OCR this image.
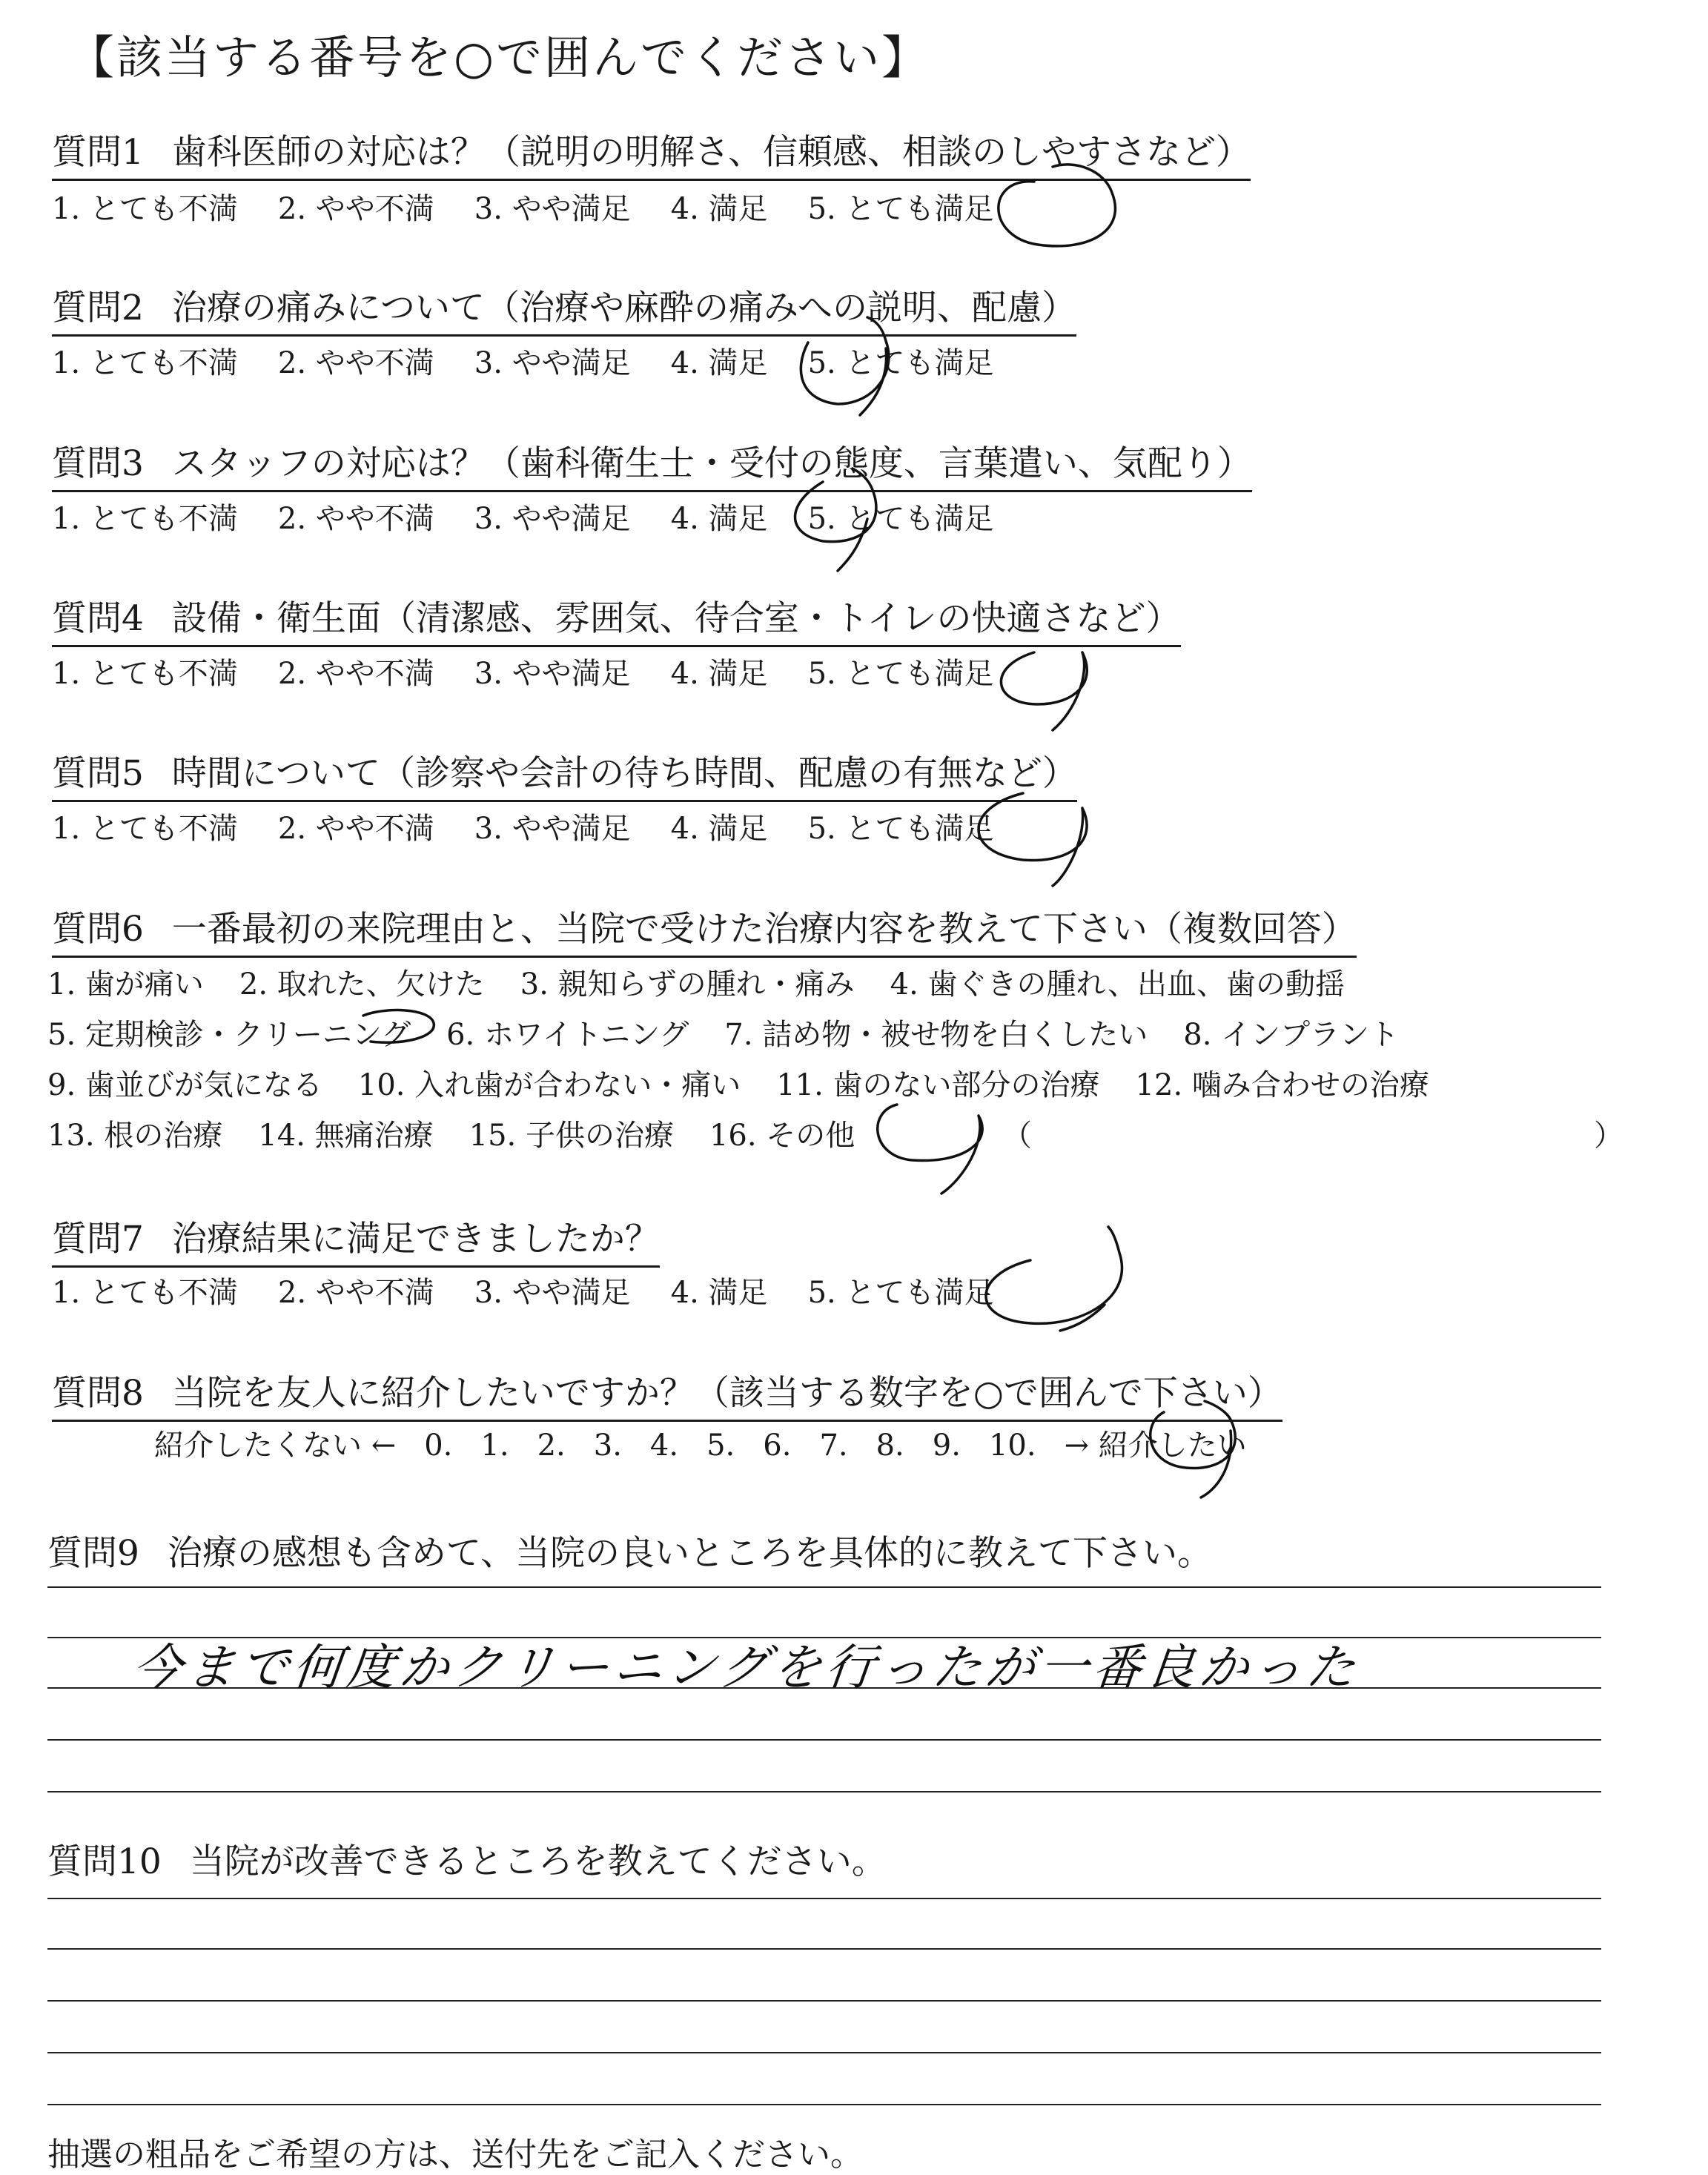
【該当する番号を○で囲んでください】
質問1 歯科医師の対応は？（説明の明解さ、信頼感、相談のしやすさなど）
1. とても不満 2. やや不満 3. やや満足 4. 満足 5. とても満足
質問2 治療の痛みについて（治療や麻酔の痛みへの説明、配慮）
1. とても不満 2. やや不満 3. やや満足 4. 満足 5. とても満足
質問3 スタッフの対応は？（歯科衛生士・受付の態度、言葉遣い、気配り）
1. とても不満 2. やや不満 3. やや満足 4. 満足 5. とても満足
質問4 設備・衛生面（清潔感、雰囲気、待合室・トイレの快適さなど）
1. とても不満 2. やや不満 3. やや満足 4. 満足 5. とても満足
質問5 時間について（診察や会計の待ち時間、配慮の有無など）
1. とても不満 2. やや不満 3. やや満足 4. 満足 5. とても満足
質問6 一番最初の来院理由と、当院で受けた治療内容を教えて下さい（複数回答）
1. 歯が痛い 2. 取れた、欠けた 3. 親知らずの腫れ・痛み 4. 歯ぐきの腫れ、出血、歯の動揺
5. 定期検診・クリーニング 6. ホワイトニング 7. 詰め物・被せ物を白くしたい 8. インプラント
9. 歯並びが気になる 10. 入れ歯が合わない・痛い 11. 歯のない部分の治療 12. 噛み合わせの治療
13. 根の治療 14. 無痛治療 15. 子供の治療 16. その他	（	）
質問7 治療結果に満足できましたか？
1. とても不満 2. やや不満 3. やや満足 4. 満足 5. とても満足
質問8 当院を友人に紹介したいですか？（該当する数字を○で囲んで下さい）
紹介したくない ← 0. 1. 2. 3. 4. 5. 6. 7. 8. 9. 10. → 紹介したい
質問9 治療の感想も含めて、当院の良いところを具体的に教えて下さい。
今まで何度かクリーニングを行ったが一番良かった
質問10 当院が改善できるところを教えてください。
抽選の粗品をご希望の方は、送付先をご記入ください。
